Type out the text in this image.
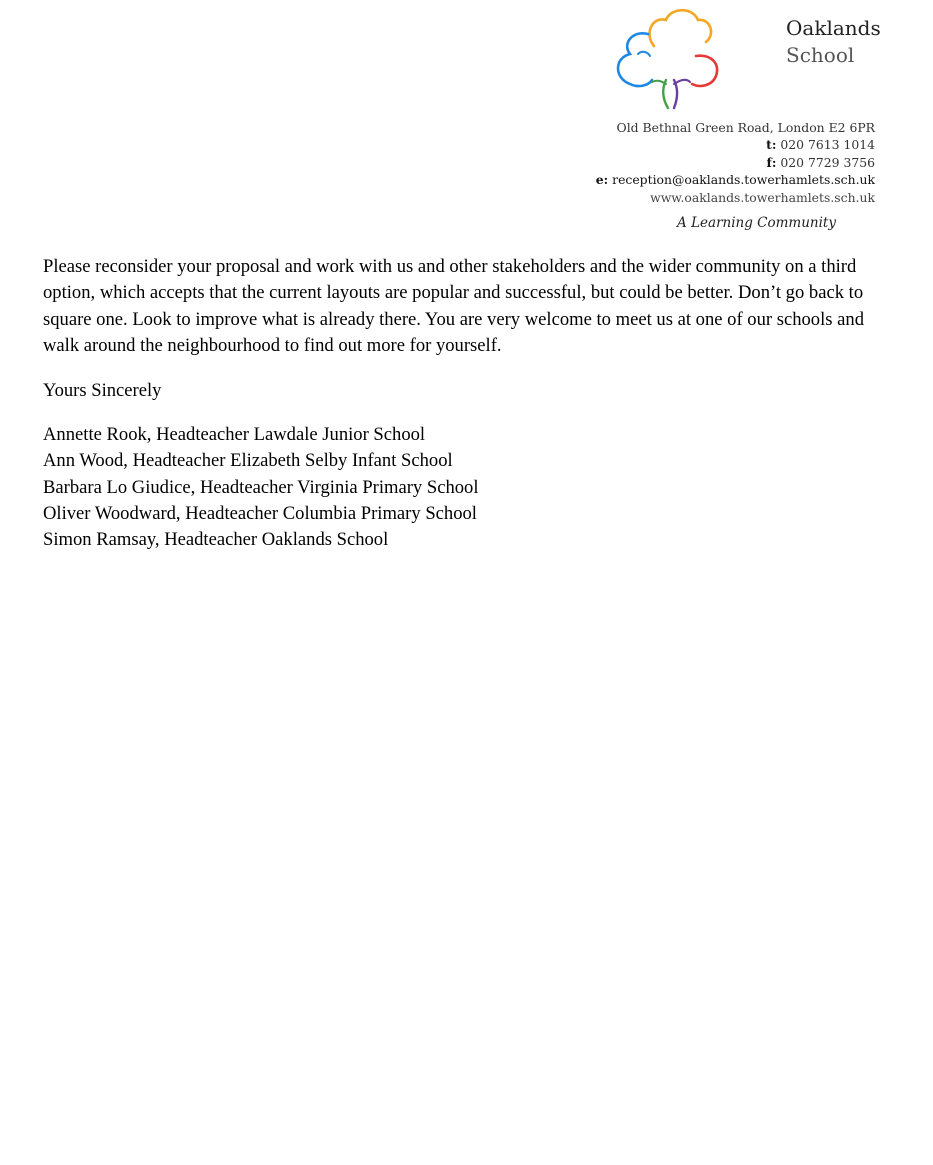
Oaklands
School
Old Bethnal Green Road, London E2 6PR
t: 020 7613 1014
f: 020 7729 3756
e: reception@oaklands.towerhamlets.sch.uk
www.oaklands.towerhamlets.sch.uk
A Learning Community

Please reconsider your proposal and work with us and other stakeholders and the wider community on a third option, which accepts that the current layouts are popular and successful, but could be better. Don’t go back to square one. Look to improve what is already there. You are very welcome to meet us at one of our schools and walk around the neighbourhood to find out more for yourself.

Yours Sincerely
Annette Rook, Headteacher Lawdale Junior School
Ann Wood, Headteacher Elizabeth Selby Infant School
Barbara Lo Giudice, Headteacher Virginia Primary School
Oliver Woodward, Headteacher Columbia Primary School
Simon Ramsay, Headteacher Oaklands School
